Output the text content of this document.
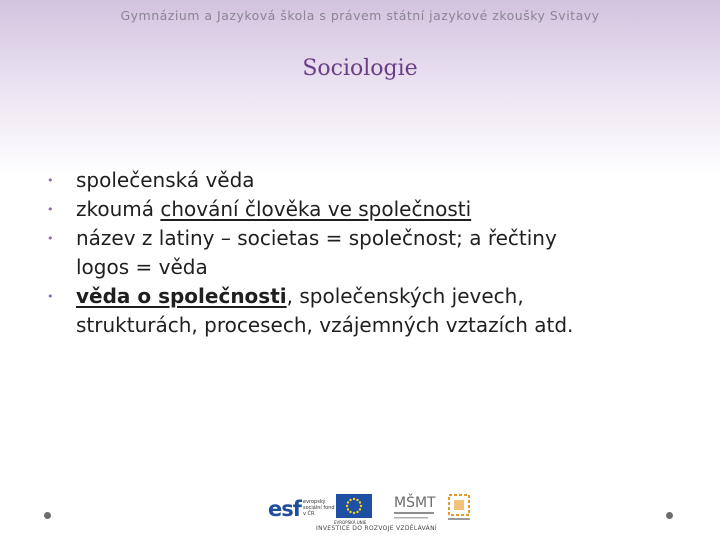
Gymnázium a Jazyková škola s právem státní jazykové zkoušky Svitavy
Sociologie
• společenská věda
• zkoumá chování člověka ve společnosti
• název z latiny – societas = společnost; a řečtiny
logos = věda
• věda o společnosti, společenských jevech,
strukturách, procesech, vzájemných vztazích atd.
esf evropský sociální fond v ČR
EVROPSKÁ UNIE
MŠMT
INVESTICE DO ROZVOJE VZDĚLÁVÁNÍ
